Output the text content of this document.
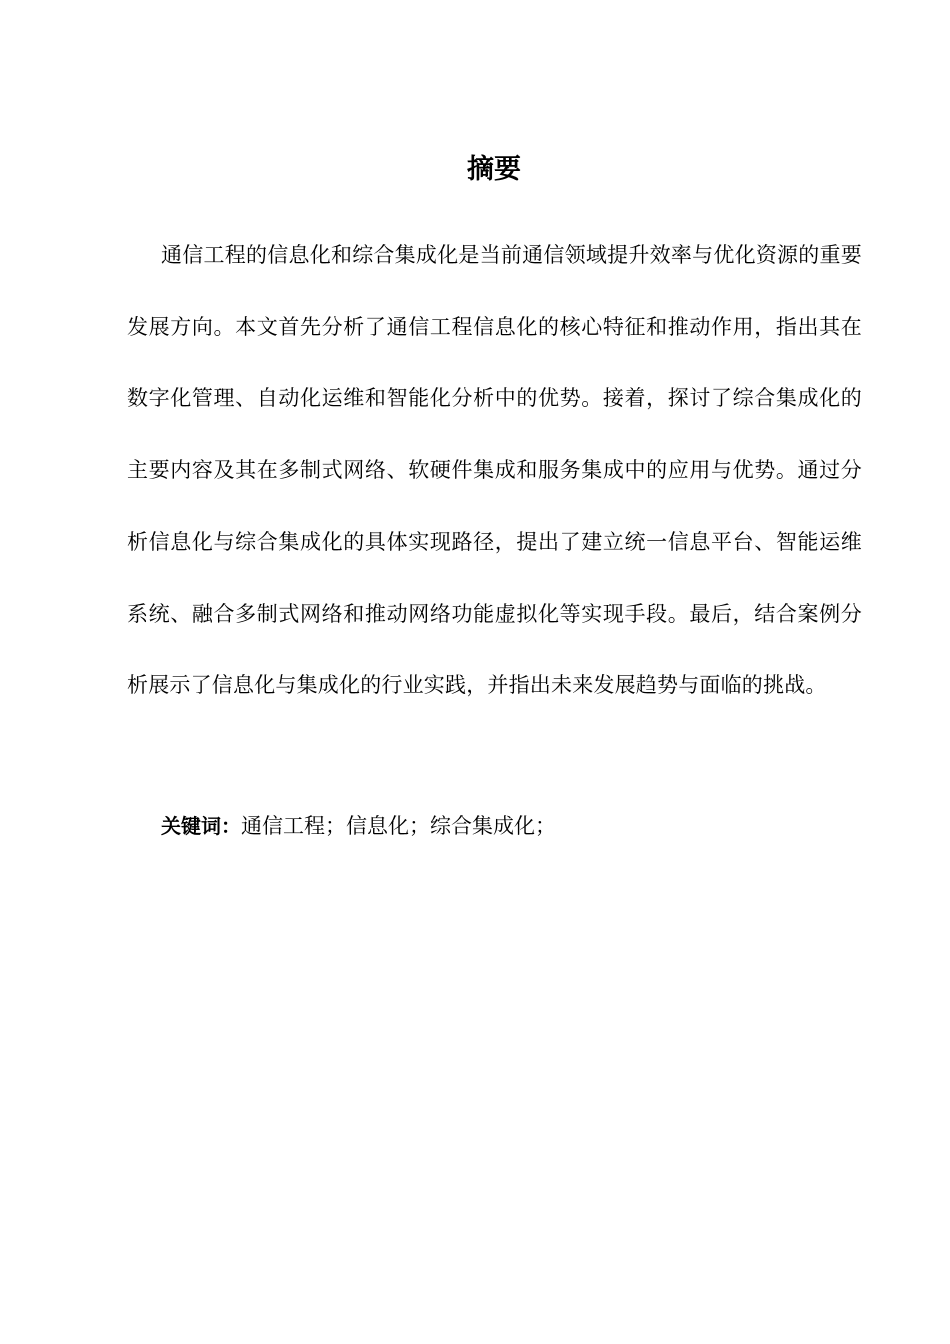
摘要

通信工程的信息化和综合集成化是当前通信领域提升效率与优化资源的重要发展方向。本文首先分析了通信工程信息化的核心特征和推动作用，指出其在数字化管理、自动化运维和智能化分析中的优势。接着，探讨了综合集成化的主要内容及其在多制式网络、软硬件集成和服务集成中的应用与优势。通过分析信息化与综合集成化的具体实现路径，提出了建立统一信息平台、智能运维系统、融合多制式网络和推动网络功能虚拟化等实现手段。最后，结合案例分析展示了信息化与集成化的行业实践，并指出未来发展趋势与面临的挑战。

关键词：通信工程；信息化；综合集成化；
